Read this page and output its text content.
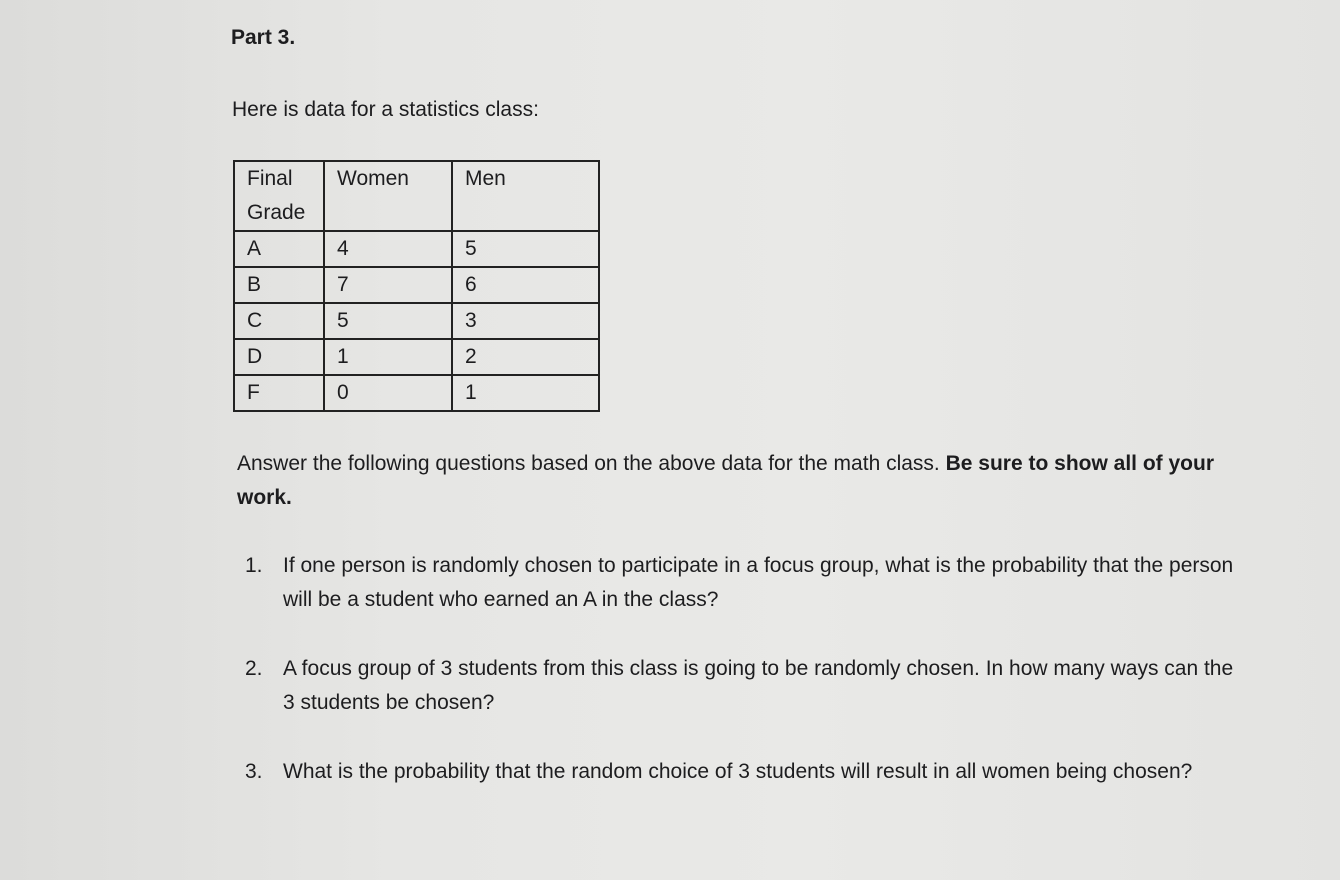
Part 3.
Here is data for a statistics class:
Final Grade	Women	Men
A	4	5
B	7	6
C	5	3
D	1	2
F	0	1
Answer the following questions based on the above data for the math class. Be sure to show all of your work.
1. If one person is randomly chosen to participate in a focus group, what is the probability that the person will be a student who earned an A in the class?
2. A focus group of 3 students from this class is going to be randomly chosen. In how many ways can the 3 students be chosen?
3. What is the probability that the random choice of 3 students will result in all women being chosen?
